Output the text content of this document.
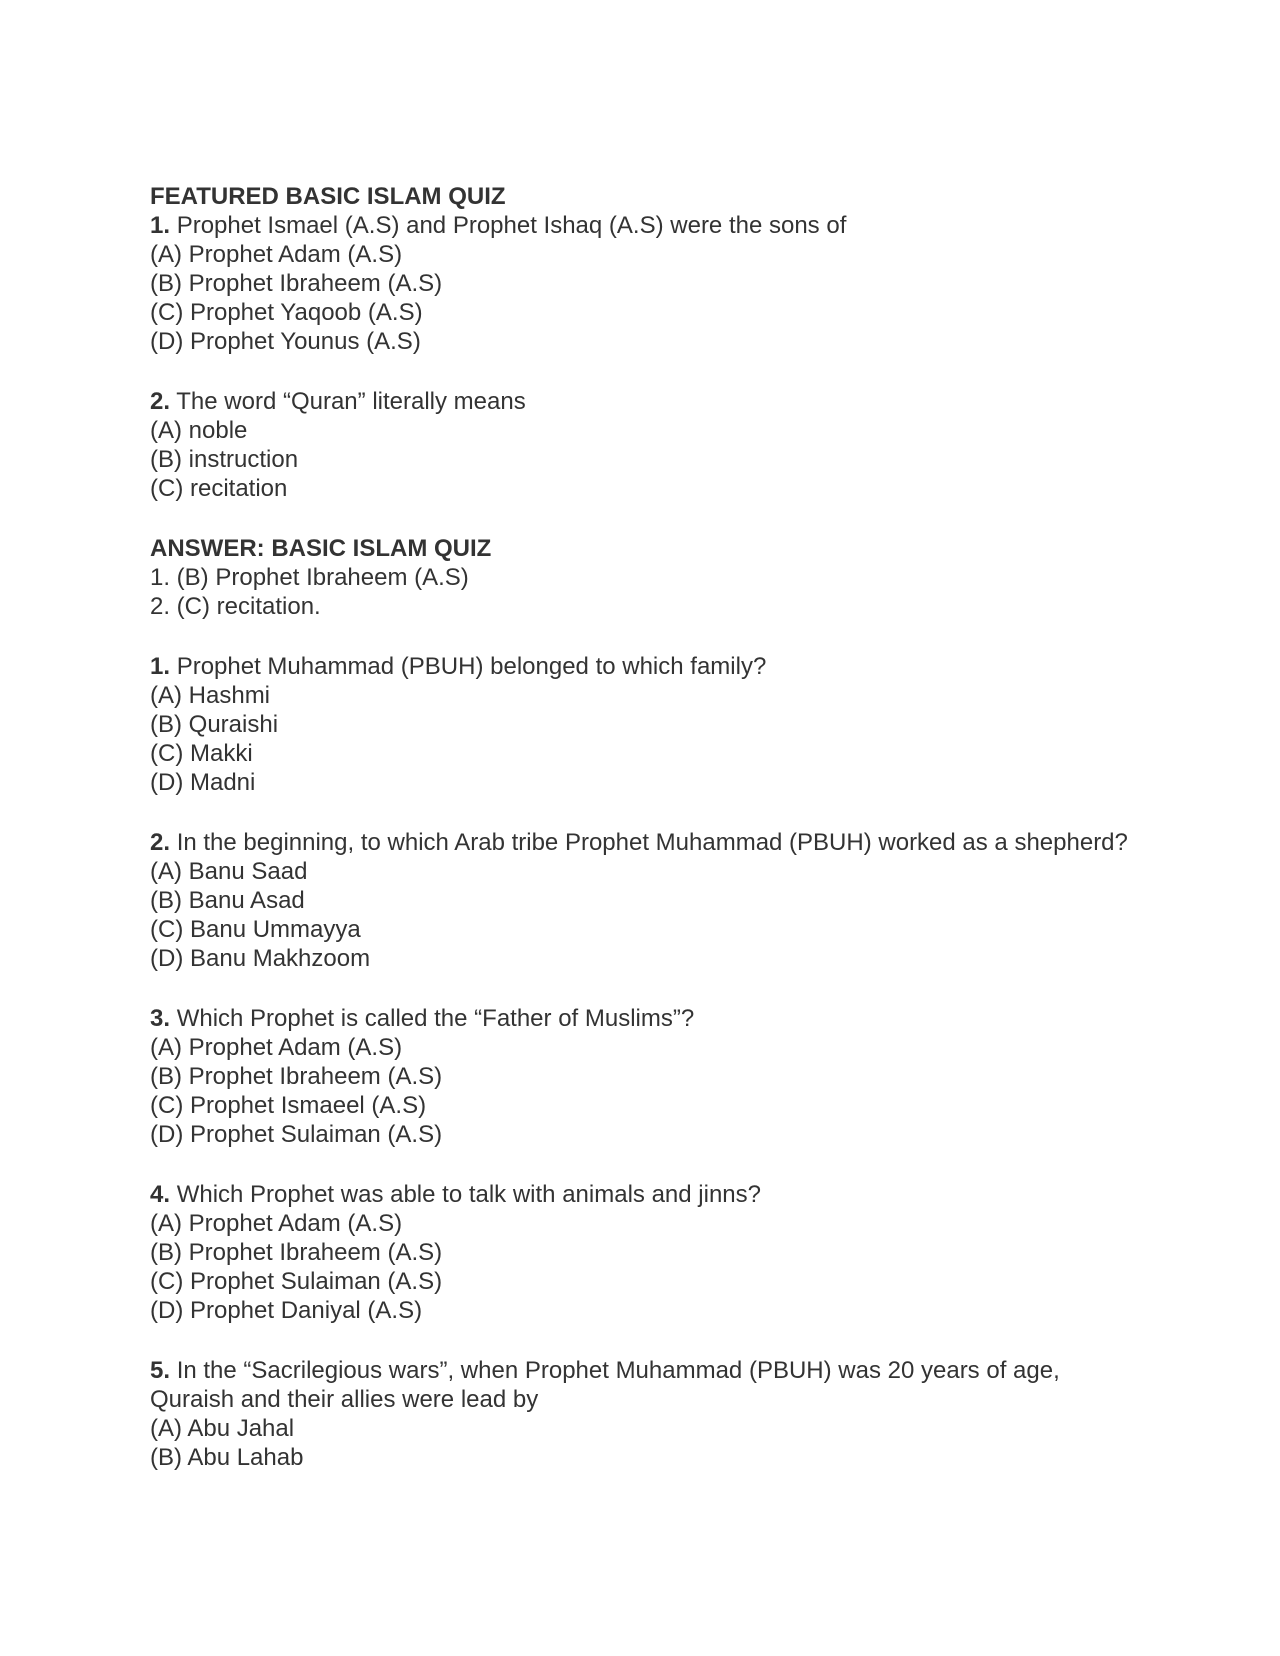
FEATURED BASIC ISLAM QUIZ
1. Prophet Ismael (A.S) and Prophet Ishaq (A.S) were the sons of
(A) Prophet Adam (A.S)
(B) Prophet Ibraheem (A.S)
(C) Prophet Yaqoob (A.S)
(D) Prophet Younus (A.S)
2. The word “Quran” literally means
(A) noble
(B) instruction
(C) recitation
ANSWER: BASIC ISLAM QUIZ
1. (B) Prophet Ibraheem (A.S)
2. (C) recitation.
1. Prophet Muhammad (PBUH) belonged to which family?
(A) Hashmi
(B) Quraishi
(C) Makki
(D) Madni
2. In the beginning, to which Arab tribe Prophet Muhammad (PBUH) worked as a shepherd?
(A) Banu Saad
(B) Banu Asad
(C) Banu Ummayya
(D) Banu Makhzoom
3. Which Prophet is called the “Father of Muslims”?
(A) Prophet Adam (A.S)
(B) Prophet Ibraheem (A.S)
(C) Prophet Ismaeel (A.S)
(D) Prophet Sulaiman (A.S)
4. Which Prophet was able to talk with animals and jinns?
(A) Prophet Adam (A.S)
(B) Prophet Ibraheem (A.S)
(C) Prophet Sulaiman (A.S)
(D) Prophet Daniyal (A.S)
5. In the “Sacrilegious wars”, when Prophet Muhammad (PBUH) was 20 years of age, Quraish and their allies were lead by
(A) Abu Jahal
(B) Abu Lahab
